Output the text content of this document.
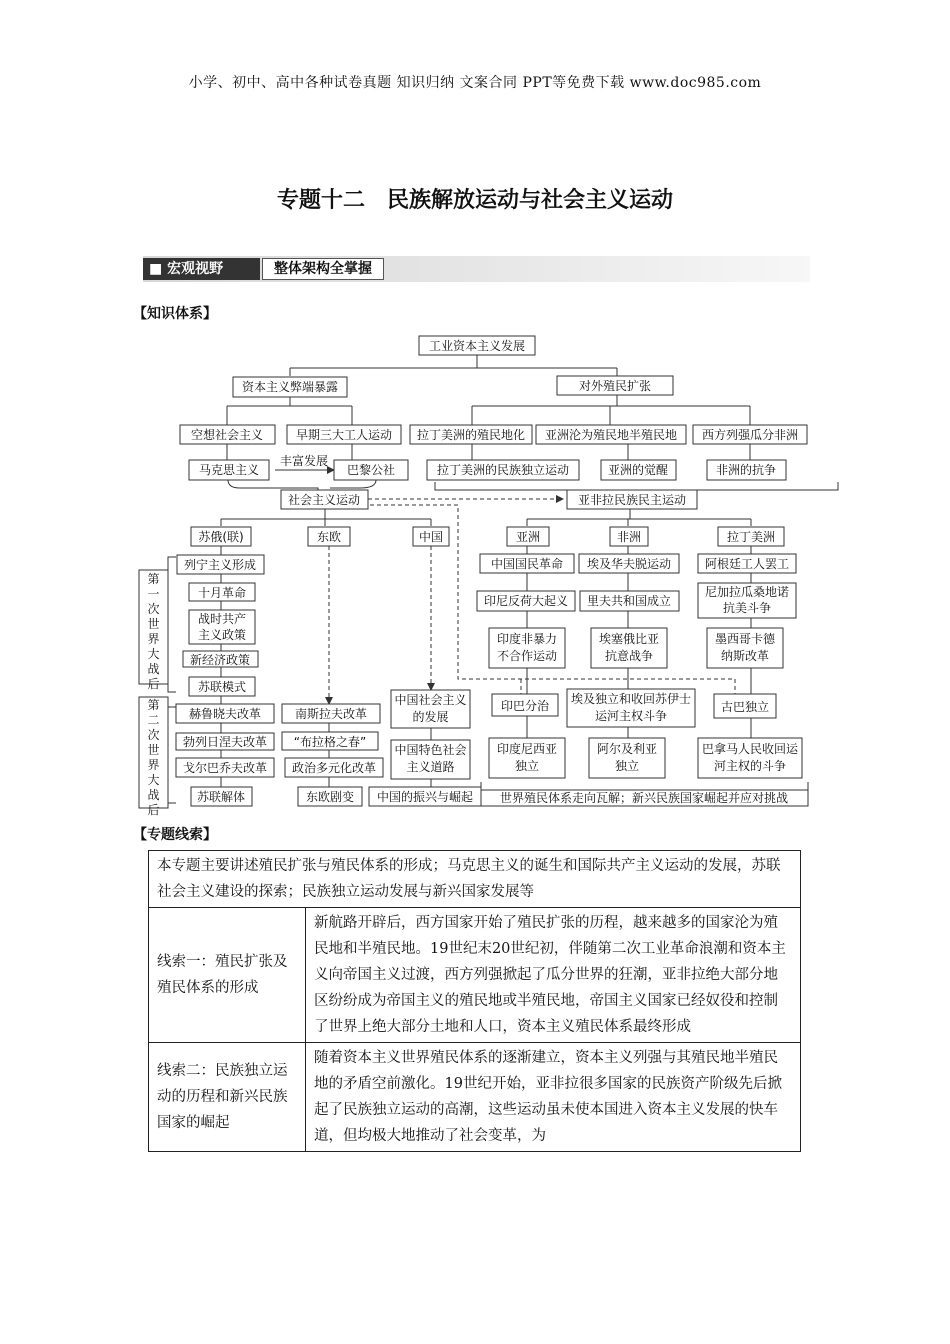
小学、初中、高中各种试卷真题 知识归纳 文案合同 PPT等免费下载 www.doc985.com
专题十二　民族解放运动与社会主义运动
■ 宏观视野	整体架构全掌握
【知识体系】
工业资本主义发展
资本主义弊端暴露	对外殖民扩张
空想社会主义	早期三大工人运动 拉丁美洲的殖民地化 亚洲沦为殖民地半殖民地 西方列强瓜分非洲
马克思主义
丰富发展
巴黎公社	拉丁美洲的民族独立运动	亚洲的觉醒	非洲的抗争
社会主义运动	亚非拉民族民主运动
苏俄(联)	东欧	中国	亚洲	非洲	拉丁美洲
列宁主义形成
十月革命
战时共产主义政策
新经济政策
苏联模式
赫鲁晓夫改革
勃列日涅夫改革
戈尔巴乔夫改革
苏联解体
南斯拉夫改革
“布拉格之春”
政治多元化改革
东欧剧变
中国社会主义的发展
中国特色社会主义道路
中国的振兴与崛起
中国国民革命
印尼反荷大起义
印度非暴力不合作运动
印巴分治
印度尼西亚独立
埃及华夫脱运动
里夫共和国成立
埃塞俄比亚抗意战争
埃及独立和收回苏伊士运河主权斗争
阿尔及利亚独立
阿根廷工人罢工
尼加拉瓜桑地诺抗美斗争
墨西哥卡德纳斯改革
古巴独立
巴拿马人民收回运河主权的斗争
世界殖民体系走向瓦解；新兴民族国家崛起并应对挑战
第一次世界大战后
第二次世界大战后
【专题线索】
本专题主要讲述殖民扩张与殖民体系的形成；马克思主义的诞生和国际共产主义运动的发展，苏联社会主义建设的探索；民族独立运动发展与新兴国家发展等	
线索一：殖民扩张及殖民体系的形成	新航路开辟后，西方国家开始了殖民扩张的历程，越来越多的国家沦为殖民地和半殖民地。19世纪末20世纪初，伴随第二次工业革命浪潮和资本主义向帝国主义过渡，西方列强掀起了瓜分世界的狂潮，亚非拉绝大部分地区纷纷成为帝国主义的殖民地或半殖民地，帝国主义国家已经奴役和控制了世界上绝大部分土地和人口，资本主义殖民体系最终形成
线索二：民族独立运动的历程和新兴民族国家的崛起	随着资本主义世界殖民体系的逐渐建立，资本主义列强与其殖民地半殖民地的矛盾空前激化。19世纪开始，亚非拉很多国家的民族资产阶级先后掀起了民族独立运动的高潮，这些运动虽未使本国进入资本主义发展的快车道，但均极大地推动了社会变革，为
